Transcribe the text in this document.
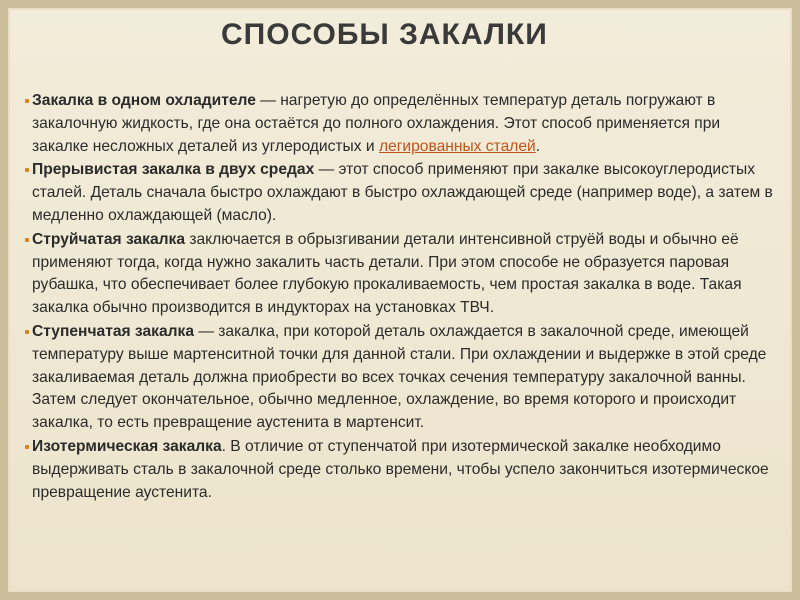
СПОСОБЫ ЗАКАЛКИ
Закалка в одном охладителе — нагретую до определённых температур деталь погружают в закалочную жидкость, где она остаётся до полного охлаждения. Этот способ применяется при закалке несложных деталей из углеродистых и легированных сталей.
Прерывистая закалка в двух средах — этот способ применяют при закалке высокоуглеродистых сталей. Деталь сначала быстро охлаждают в быстро охлаждающей среде (например воде), а затем в медленно охлаждающей (масло).
Струйчатая закалка заключается в обрызгивании детали интенсивной струёй воды и обычно её применяют тогда, когда нужно закалить часть детали. При этом способе не образуется паровая рубашка, что обеспечивает более глубокую прокаливаемость, чем простая закалка в воде. Такая закалка обычно производится в индукторах на установках ТВЧ.
Ступенчатая закалка — закалка, при которой деталь охлаждается в закалочной среде, имеющей температуру выше мартенситной точки для данной стали. При охлаждении и выдержке в этой среде закаливаемая деталь должна приобрести во всех точках сечения температуру закалочной ванны. Затем следует окончательное, обычно медленное, охлаждение, во время которого и происходит закалка, то есть превращение аустенита в мартенсит.
Изотермическая закалка. В отличие от ступенчатой при изотермической закалке необходимо выдерживать сталь в закалочной среде столько времени, чтобы успело закончиться изотермическое превращение аустенита.
